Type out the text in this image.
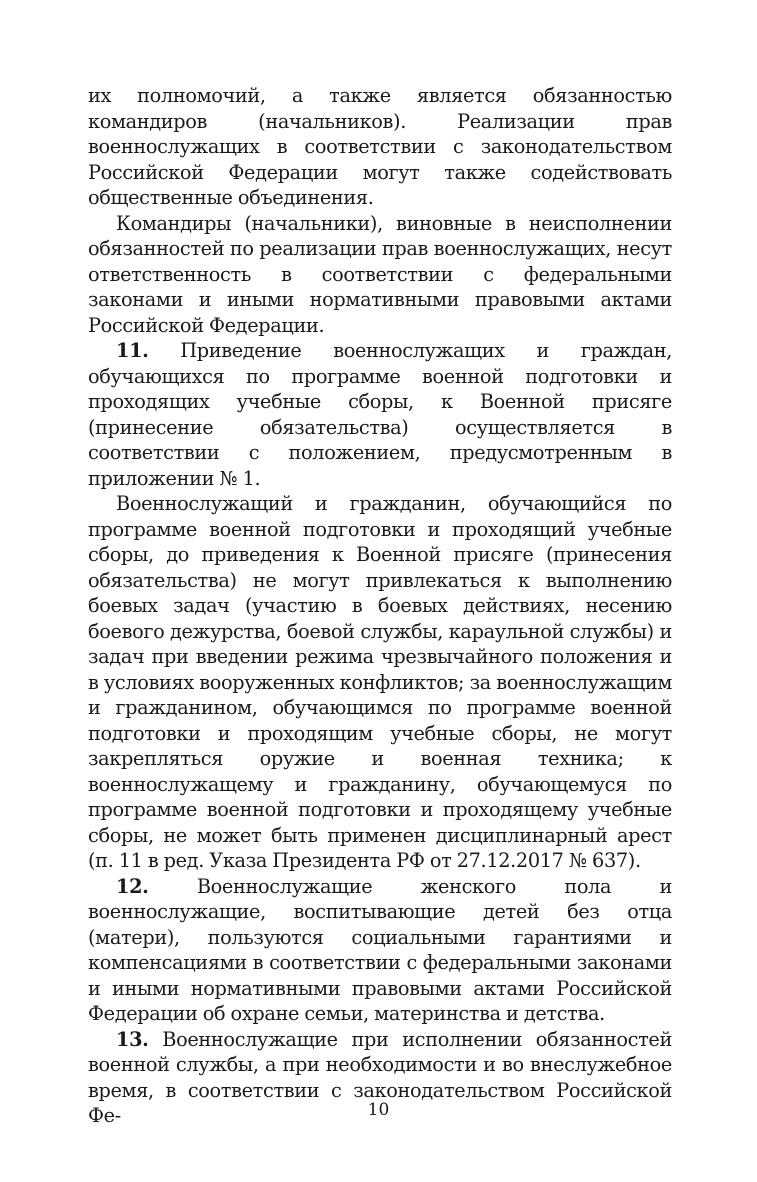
их полномочий, а также является обязанностью командиров (начальников). Реализации прав военнослужащих в соответствии с законодательством Российской Федерации могут также содействовать общественные объединения.

Командиры (начальники), виновные в неисполнении обязанностей по реализации прав военнослужащих, несут ответственность в соответствии с федеральными законами и иными нормативными правовыми актами Российской Федерации.

11. Приведение военнослужащих и граждан, обучающихся по программе военной подготовки и проходящих учебные сборы, к Военной присяге (принесение обязательства) осуществляется в соответствии с положением, предусмотренным в приложении № 1.

Военнослужащий и гражданин, обучающийся по программе военной подготовки и проходящий учебные сборы, до приведения к Военной присяге (принесения обязательства) не могут привлекаться к выполнению боевых задач (участию в боевых действиях, несению боевого дежурства, боевой службы, караульной службы) и задач при введении режима чрезвычайного положения и в условиях вооруженных конфликтов; за военнослужащим и гражданином, обучающимся по программе военной подготовки и проходящим учебные сборы, не могут закрепляться оружие и военная техника; к военнослужащему и гражданину, обучающемуся по программе военной подготовки и проходящему учебные сборы, не может быть применен дисциплинарный арест (п. 11 в ред. Указа Президента РФ от 27.12.2017 № 637).

12. Военнослужащие женского пола и военнослужащие, воспитывающие детей без отца (матери), пользуются социальными гарантиями и компенсациями в соответствии с федеральными законами и иными нормативными правовыми актами Российской Федерации об охране семьи, материнства и детства.

13. Военнослужащие при исполнении обязанностей военной службы, а при необходимости и во внеслужебное время, в соответствии с законодательством Российской Фе-	10
